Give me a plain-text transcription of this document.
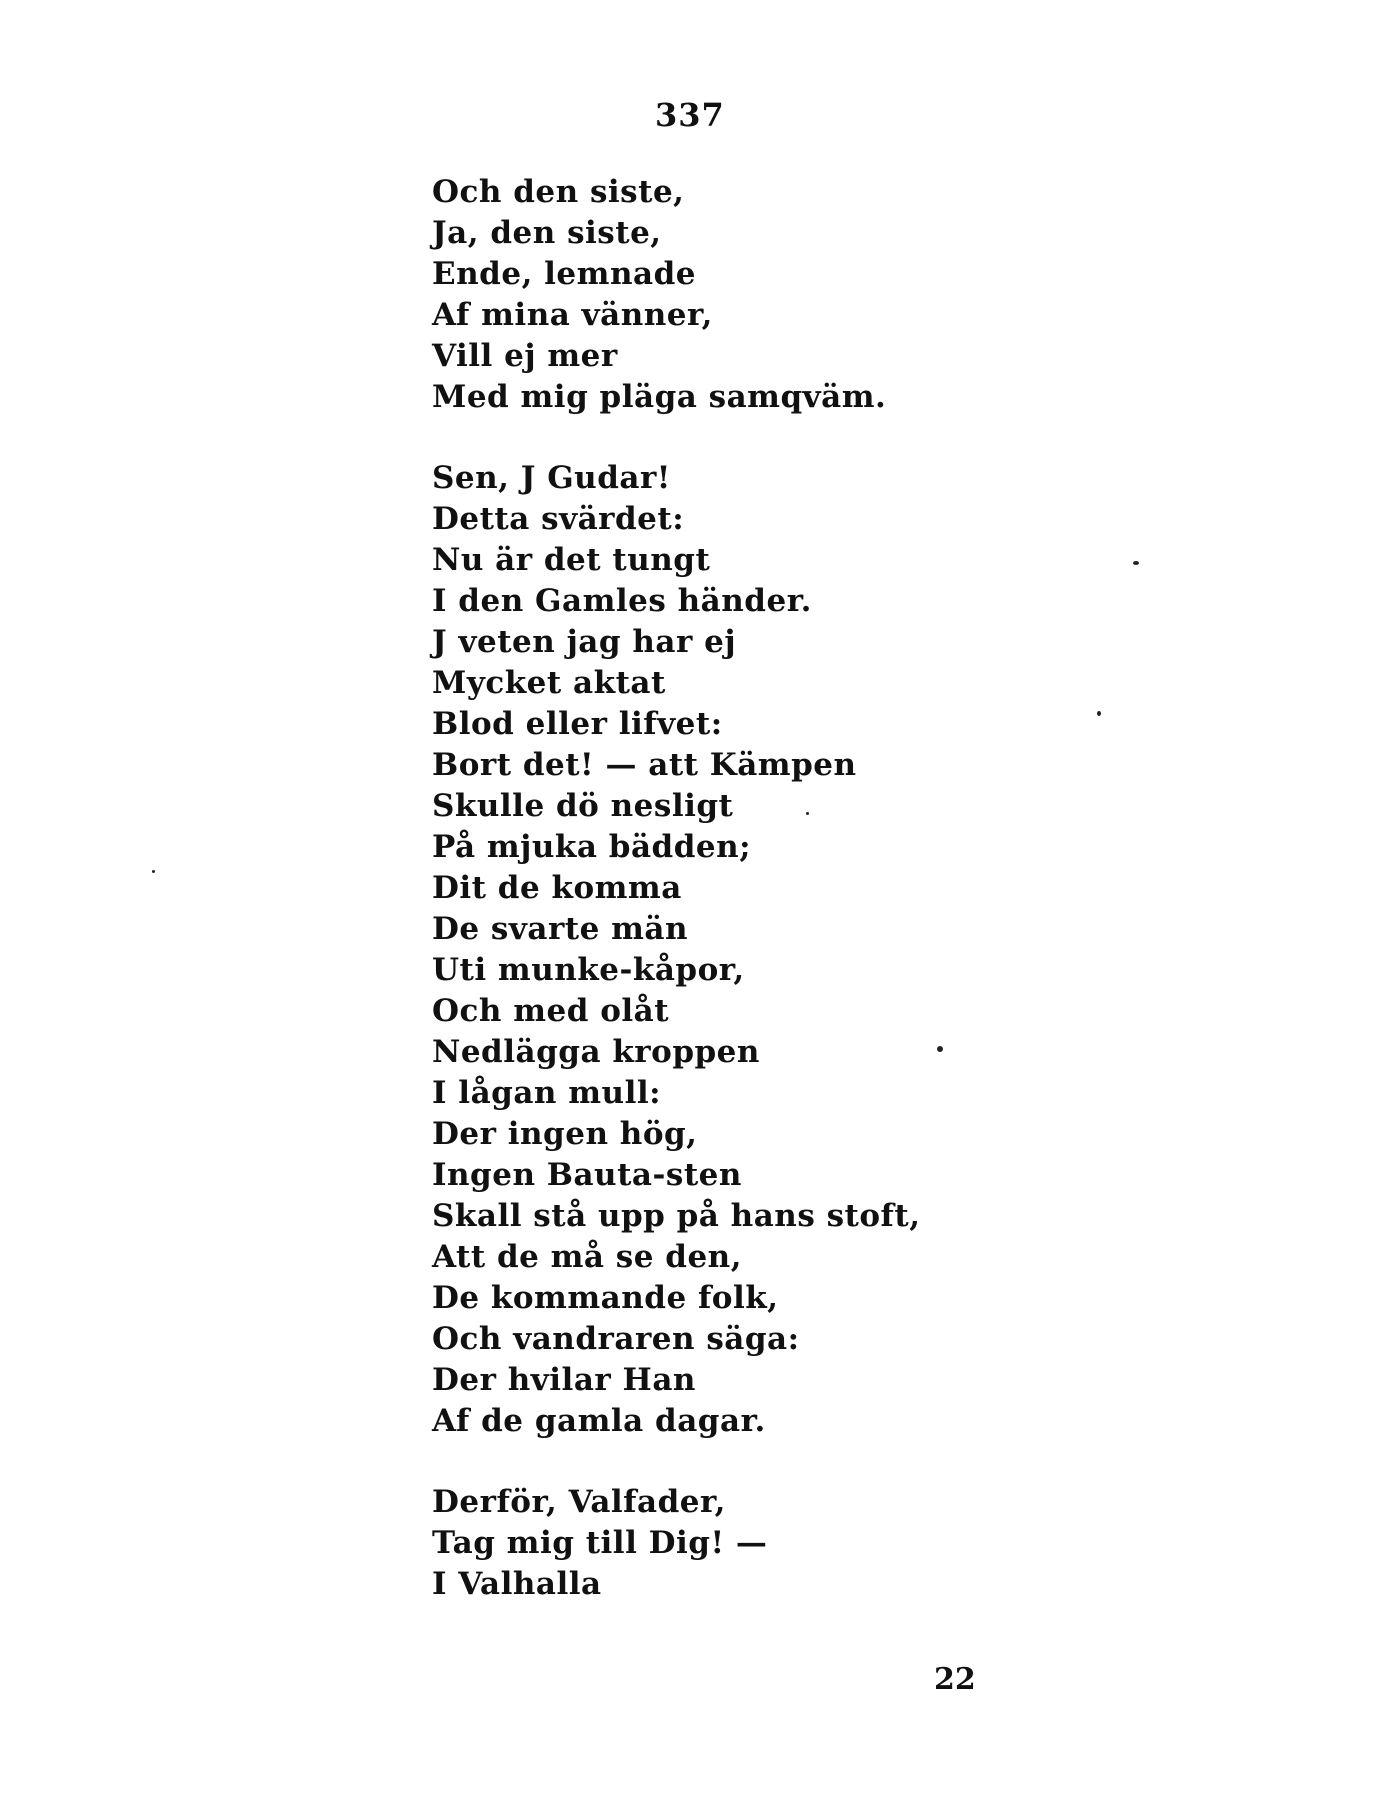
337
Och den siste,
Ja, den siste,
Ende, lemnade
Af mina vänner,
Vill ej mer
Med mig pläga samqväm.
Sen, J Gudar!
Detta svärdet:
Nu är det tungt
I den Gamles händer.
J veten jag har ej
Mycket aktat
Blod eller lifvet:
Bort det! — att Kämpen
Skulle dö nesligt
På mjuka bädden;
Dit de komma
De svarte män
Uti munke-kåpor,
Och med olåt
Nedlägga kroppen
I lågan mull:
Der ingen hög,
Ingen Bauta-sten
Skall stå upp på hans stoft,
Att de må se den,
De kommande folk,
Och vandraren säga:
Der hvilar Han
Af de gamla dagar.
Derför, Valfader,
Tag mig till Dig! —
I Valhalla
22
